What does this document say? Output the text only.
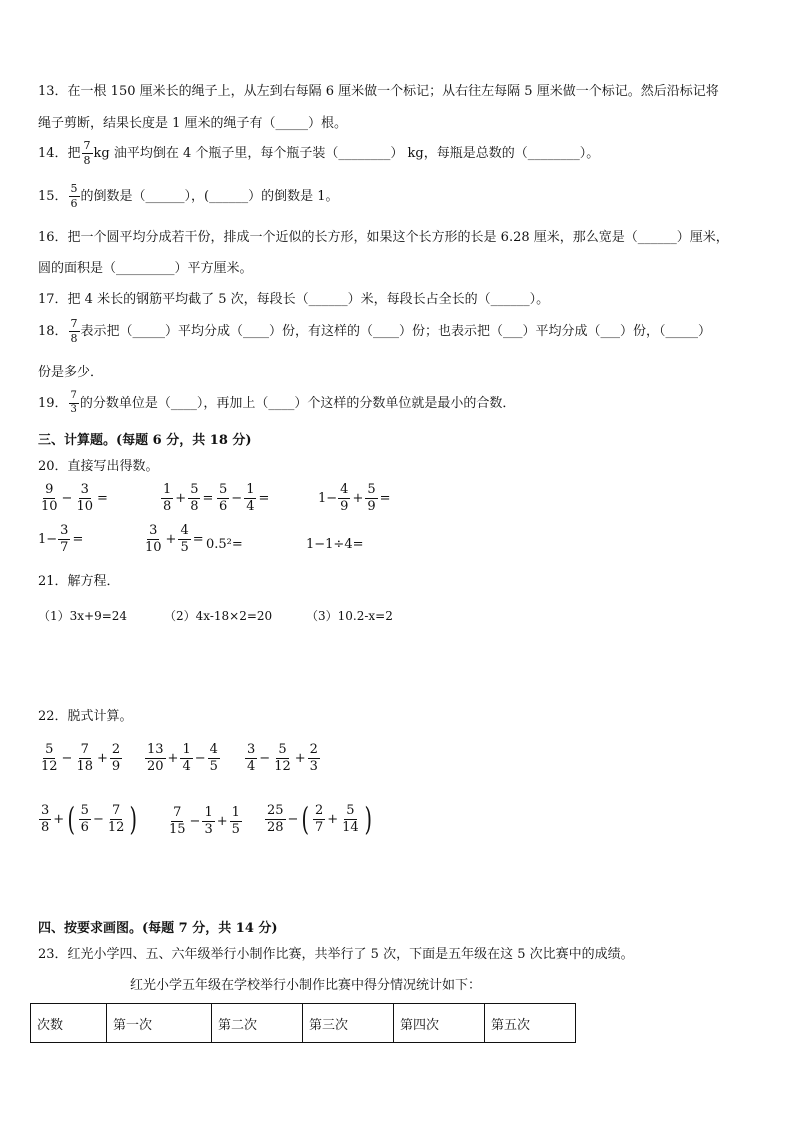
13．在一根 150 厘米长的绳子上，从左到右每隔 6 厘米做一个标记；从右往左每隔 5 厘米做一个标记。然后沿标记将
绳子剪断，结果长度是 1 厘米的绳子有（_____）根。
14．把 $\frac{7}{8}$ kg 油平均倒在 4 个瓶子里，每个瓶子装（________） kg，每瓶是总数的（________）。
15． $\frac{5}{6}$ 的倒数是（______），(______）的倒数是 1。
16．把一个圆平均分成若干份，排成一个近似的长方形，如果这个长方形的长是 6.28 厘米，那么宽是（______）厘米，
圆的面积是（_________）平方厘米。
17．把 4 米长的钢筋平均截了 5 次，每段长（______）米，每段长占全长的（______）。
18． $\frac{7}{8}$ 表示把（_____）平均分成（____）份，有这样的（____）份；也表示把（___）平均分成（___）份，（_____）
份是多少．
19． $\frac{7}{3}$ 的分数单位是（____），再加上（____）个这样的分数单位就是最小的合数．
三、计算题。(每题 6 分，共 18 分)
20．直接写出得数。
$\frac{9}{10} - \frac{3}{10}$ =	$\frac{1}{8} + \frac{5}{8} = \frac{5}{6} - \frac{1}{4}$ =	$1- \frac{4}{9} + \frac{5}{9}$ =
$1- \frac{3}{7}$ =	$\frac{3}{10} + \frac{4}{5} = 0.5^2=$	1−1÷4=
21．解方程．
（1）3x+9=24	（2）4x-18×2=20	（3）10.2-x=2
22．脱式计算。
$\frac{5}{12} - \frac{7}{18} + \frac{2}{9} \frac{13}{20} + \frac{1}{4} - \frac{4}{5} \frac{3}{4} - \frac{5}{12} + \frac{2}{3}$
$\frac{3}{8}$ + ( $\frac{5}{6} - \frac{7}{12}$ ) $\frac{7}{15} - \frac{1}{3} + \frac{1}{5} \frac{25}{28}$ − ( $\frac{2}{7} + \frac{5}{14}$ )
四、按要求画图。(每题 7 分，共 14 分)
23．红光小学四、五、六年级举行小制作比赛，共举行了 5 次，下面是五年级在这 5 次比赛中的成绩。
红光小学五年级在学校举行小制作比赛中得分情况统计如下：
次数	第一次	第二次	第三次	第四次	第五次
